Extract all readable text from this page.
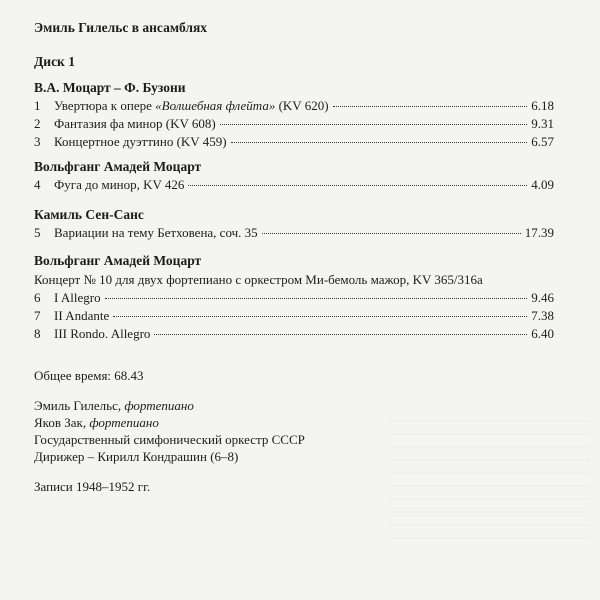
Эмиль Гилельс в ансамблях
Диск 1
В.А. Моцарт – Ф. Бузони
1	Увертюра к опере «Волшебная флейта» (KV 620)	6.18
2	Фантазия фа минор (KV 608)	9.31
3	Концертное дуэттино (KV 459)	6.57
Вольфганг Амадей Моцарт
4	Фуга до минор, KV 426	4.09
Камиль Сен-Санс
5	Вариации на тему Бетховена, соч. 35	17.39
Вольфганг Амадей Моцарт
Концерт № 10 для двух фортепиано с оркестром Ми-бемоль мажор, KV 365/316a
6	I Allegro	9.46
7	II Andante	7.38
8	III Rondo. Allegro	6.40
Общее время: 68.43
Эмиль Гилельс, фортепиано
Яков Зак, фортепиано
Государственный симфонический оркестр СССР
Дирижер – Кирилл Кондрашин (6–8)
Записи 1948–1952 гг.
